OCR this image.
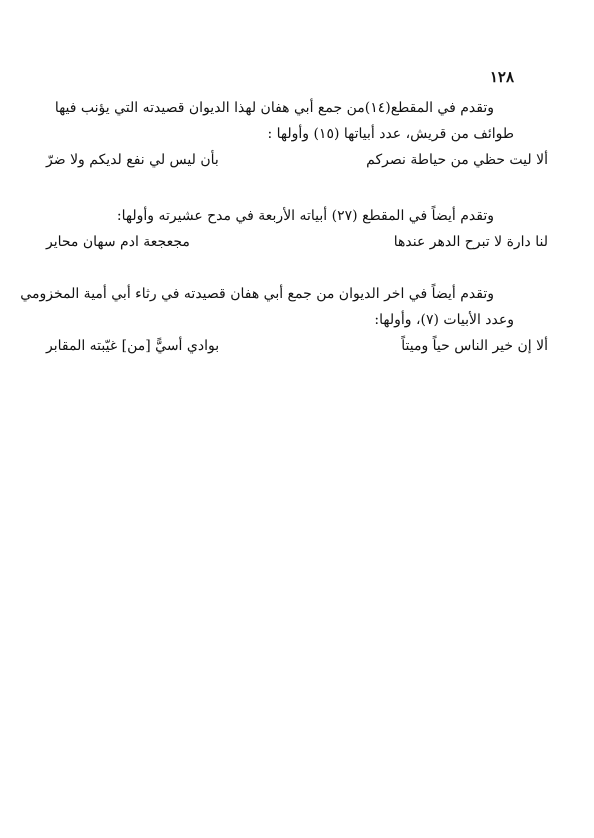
١٢٨
وتقدم في المقطع(١٤)من جمع أبي هفان لهذا الديوان قصيدته التي يؤنب فيها
طوائف من قريش، عدد أبياتها (١٥) وأولها :
ألا ليت حظي من حياطة نصركم
بأن ليس لي نفع لديكم ولا ضرّ
وتقدم أيضاً في المقطع (٢٧) أبياته الأربعة في مدح عشيرته وأولها:
لنا دارة لا تبرح الدهر عندها
مجعجعة ادم سهان محاير
وتقدم أيضاً في اخر الديوان من جمع أبي هفان قصيدته في رثاء أبي أمية المخزومي
وعدد الأبيات (٧)، وأولها:
ألا إن خير الناس حياً وميتاً
بوادي أسيًّ [من] غيّبته المقابر
